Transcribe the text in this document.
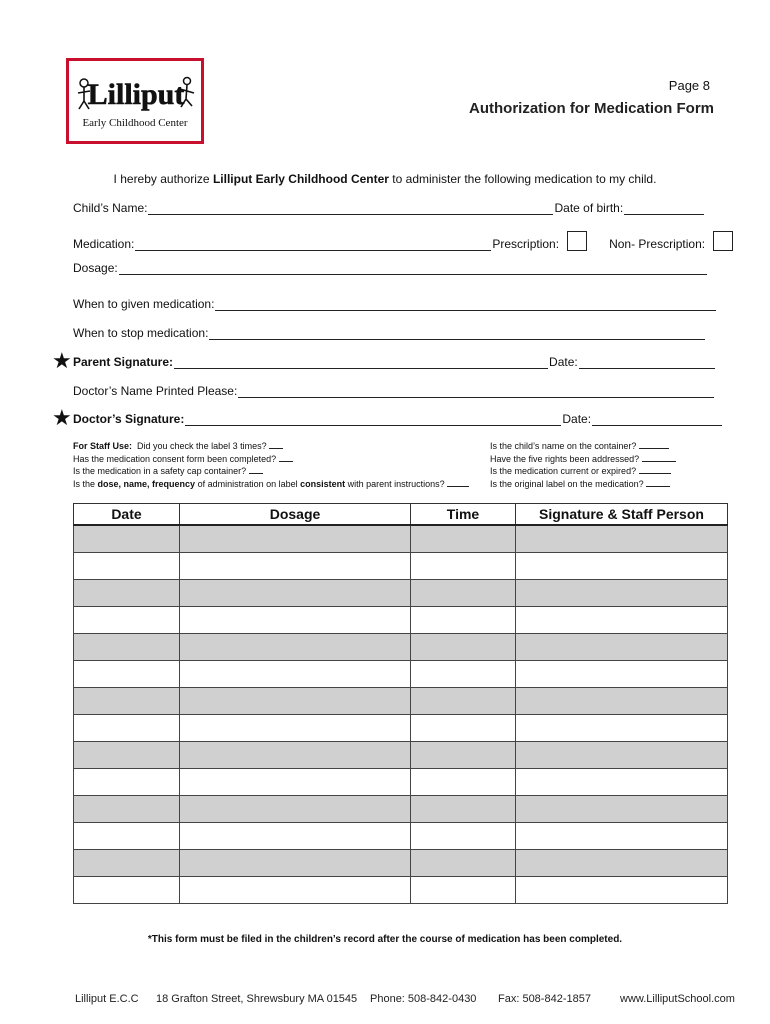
Lilliput
Early Childhood Center
Page 8
Authorization for Medication Form
I hereby authorize Lilliput Early Childhood Center to administer the following medication to my child.
Child’s Name:	Date of birth:
Medication:	Prescription:	Non- Prescription:
Dosage:
When to given medication:
When to stop medication:
★ Parent Signature:	Date:
Doctor’s Name Printed Please:
★ Doctor’s Signature:	Date:
For Staff Use: Did you check the label 3 times?
Has the medication consent form been completed?
Is the medication in a safety cap container?
Is the dose, name, frequency of administration on label consistent with parent instructions?
Is the child’s name on the container?
Have the five rights been addressed?
Is the medication current or expired?
Is the original label on the medication?
Date	Dosage	Time	Signature & Staff Person

*This form must be filed in the children’s record after the course of medication has been completed.
Lilliput E.C.C 18 Grafton Street, Shrewsbury MA 01545 Phone: 508-842-0430 Fax: 508-842-1857	www.LilliputSchool.com
